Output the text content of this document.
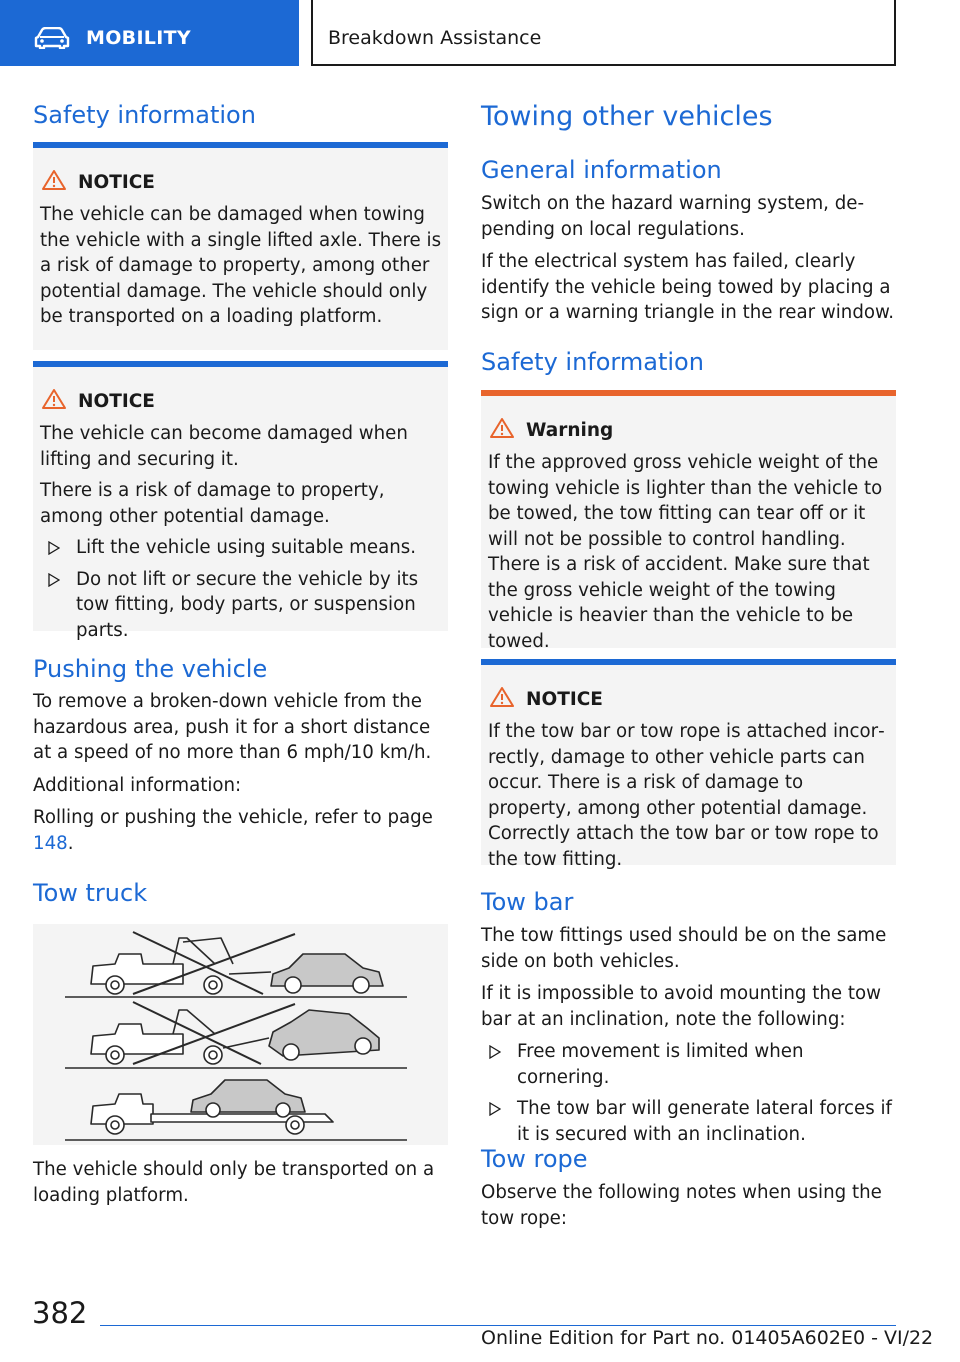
MOBILITY	Breakdown Assistance
Safety information
NOTICE

The vehicle can be damaged when towing the vehicle with a single lifted axle. There is a risk of damage to property, among other potential damage. The vehicle should only be transported on a loading platform.

NOTICE

The vehicle can become damaged when lifting and securing it.

There is a risk of damage to property, among other potential damage.

Lift the vehicle using suitable means.
Do not lift or secure the vehicle by its tow fitting, body parts, or suspension parts.
Pushing the vehicle

To remove a broken-down vehicle from the hazardous area, push it for a short distance at a speed of no more than 6 mph/10 km/h.

Additional information:

Rolling or pushing the vehicle, refer to page 148.

Tow truck

The vehicle should only be transported on a loading platform.

Towing other vehicles
General information

Switch on the hazard warning system, depending on local regulations.

If the electrical system has failed, clearly identify the vehicle being towed by placing a sign or a warning triangle in the rear window.

Safety information
Warning

If the approved gross vehicle weight of the towing vehicle is lighter than the vehicle to be towed, the tow fitting can tear off or it will not be possible to control handling. There is a risk of accident. Make sure that the gross vehicle weight of the towing vehicle is heavier than the vehicle to be towed.

NOTICE

If the tow bar or tow rope is attached incorrectly, damage to other vehicle parts can occur. There is a risk of damage to property, among other potential damage. Correctly attach the tow bar or tow rope to the tow fitting.

Tow bar

The tow fittings used should be on the same side on both vehicles.

If it is impossible to avoid mounting the tow bar at an inclination, note the following:

Free movement is limited when cornering.
The tow bar will generate lateral forces if it is secured with an inclination.
Tow rope

Observe the following notes when using the tow rope:

382
Online Edition for Part no. 01405A602E0 - VI/22
